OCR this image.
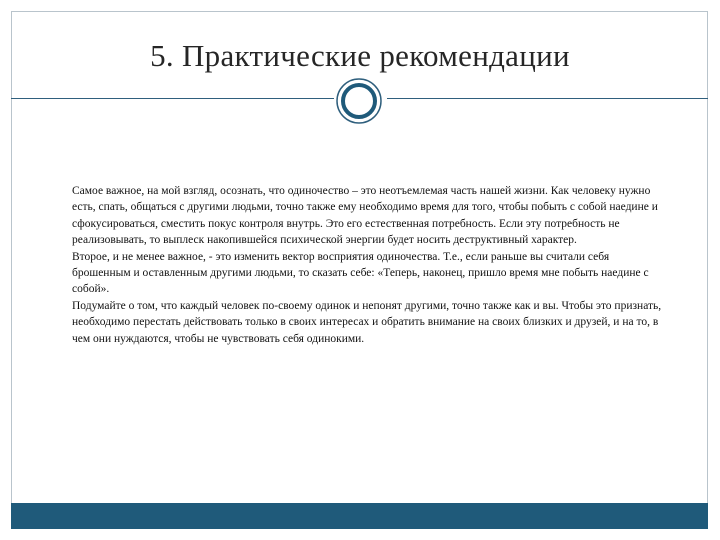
5. Практические рекомендации

Самое важное, на мой взгляд, осознать, что одиночество – это неотъемлемая часть нашей жизни. Как человеку нужно есть, спать, общаться с другими людьми, точно также ему необходимо время для того, чтобы побыть с собой наедине и сфокусироваться, сместить покус контроля внутрь. Это его естественная потребность. Если эту потребность не реализовывать, то выплеск накопившейся психической энергии будет носить деструктивный характер.

Второе, и не менее важное, - это изменить вектор восприятия одиночества. Т.е., если раньше вы считали себя брошенным и оставленным другими людьми, то сказать себе: «Теперь, наконец, пришло время мне побыть наедине с собой».

Подумайте о том, что каждый человек по-своему одинок и непонят другими, точно также как и вы. Чтобы это признать, необходимо перестать действовать только в своих интересах и обратить внимание на своих близких и друзей, и на то, в чем они нуждаются, чтобы не чувствовать себя одинокими.
